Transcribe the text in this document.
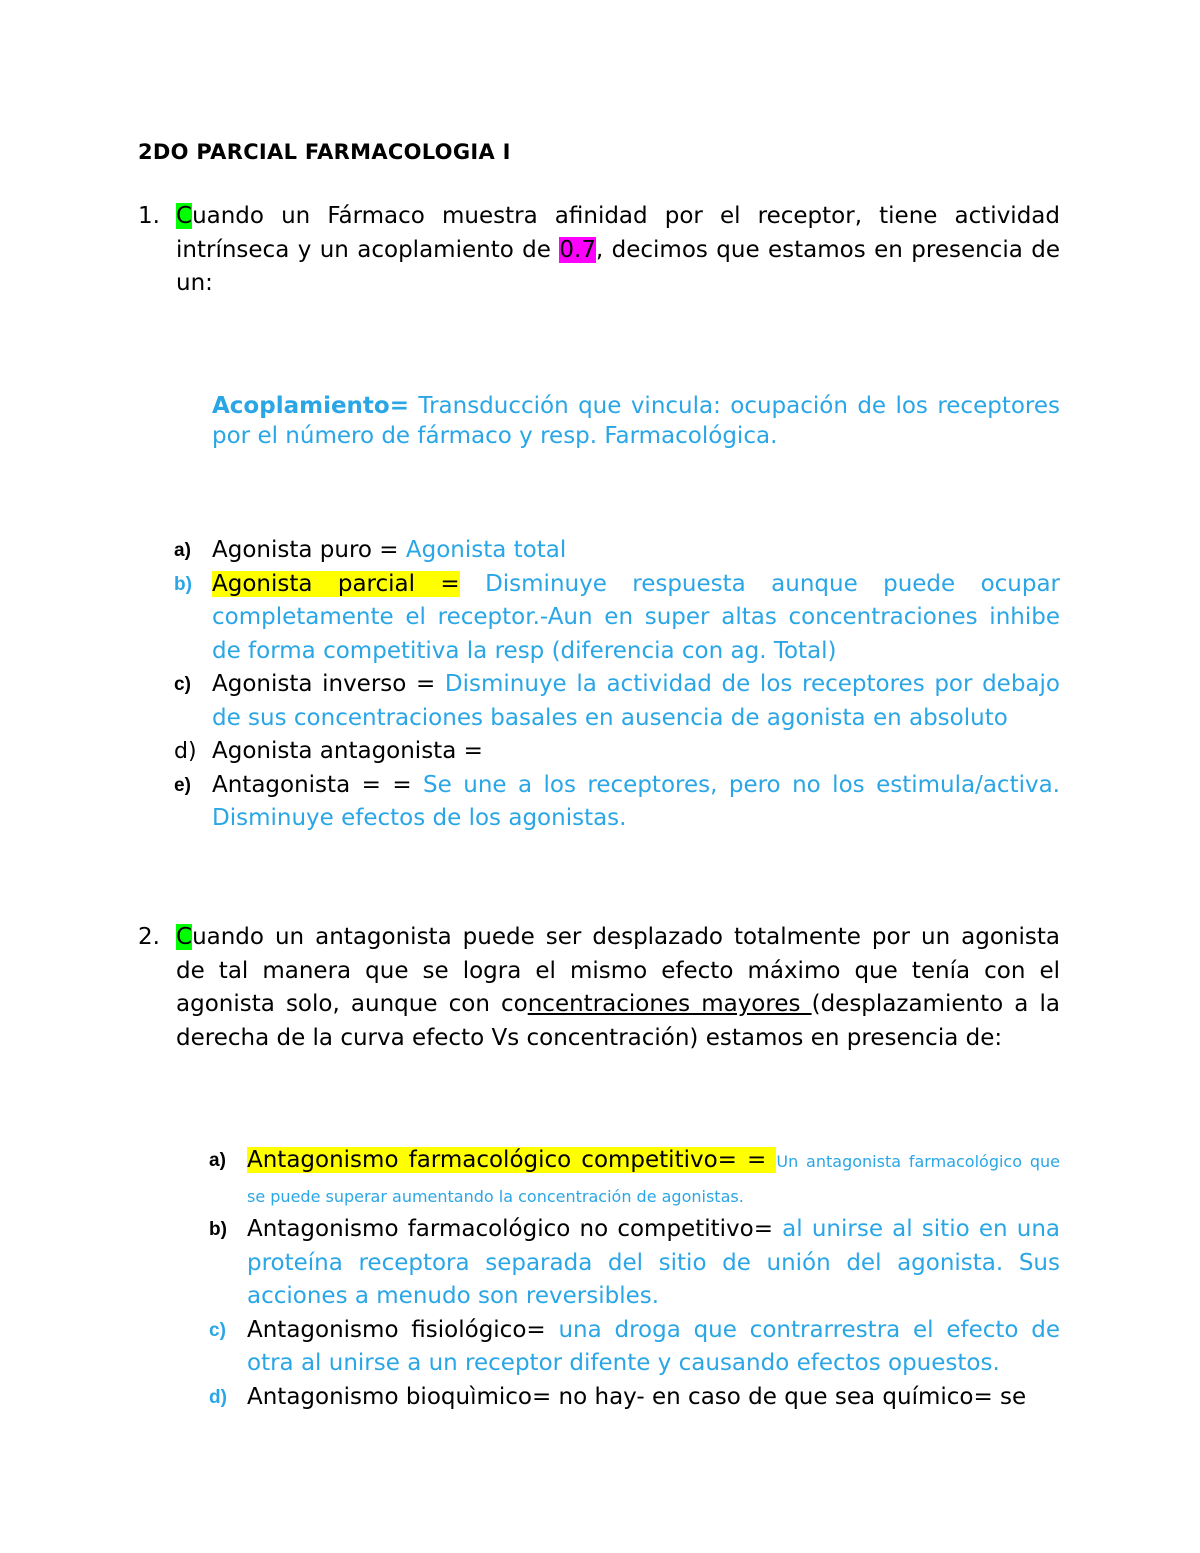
2DO PARCIAL FARMACOLOGIA I
1. Cuando un Fármaco muestra afinidad por el receptor, tiene actividad intrínseca y un acoplamiento de 0.7, decimos que estamos en presencia de un:
Acoplamiento= Transducción que vincula: ocupación de los receptores por el número de fármaco y resp. Farmacológica.
a) Agonista puro = Agonista total
b) Agonista parcial = Disminuye respuesta aunque puede ocupar completamente el receptor.-Aun en super altas concentraciones inhibe de forma competitiva la resp (diferencia con ag. Total)
c) Agonista inverso = Disminuye la actividad de los receptores por debajo de sus concentraciones basales en ausencia de agonista en absoluto
d) Agonista antagonista =
e) Antagonista = = Se une a los receptores, pero no los estimula/activa. Disminuye efectos de los agonistas.
2. Cuando un antagonista puede ser desplazado totalmente por un agonista de tal manera que se logra el mismo efecto máximo que tenía con el agonista solo, aunque con concentraciones mayores (desplazamiento a la derecha de la curva efecto Vs concentración) estamos en presencia de:
a) Antagonismo farmacológico competitivo= = Un antagonista farmacológico que se puede superar aumentando la concentración de agonistas.
b) Antagonismo farmacológico no competitivo= al unirse al sitio en una proteína receptora separada del sitio de unión del agonista. Sus acciones a menudo son reversibles.
c) Antagonismo fisiológico= una droga que contrarrestra el efecto de otra al unirse a un receptor difente y causando efectos opuestos.
d) Antagonismo bioquìmico= no hay- en caso de que sea químico= se
